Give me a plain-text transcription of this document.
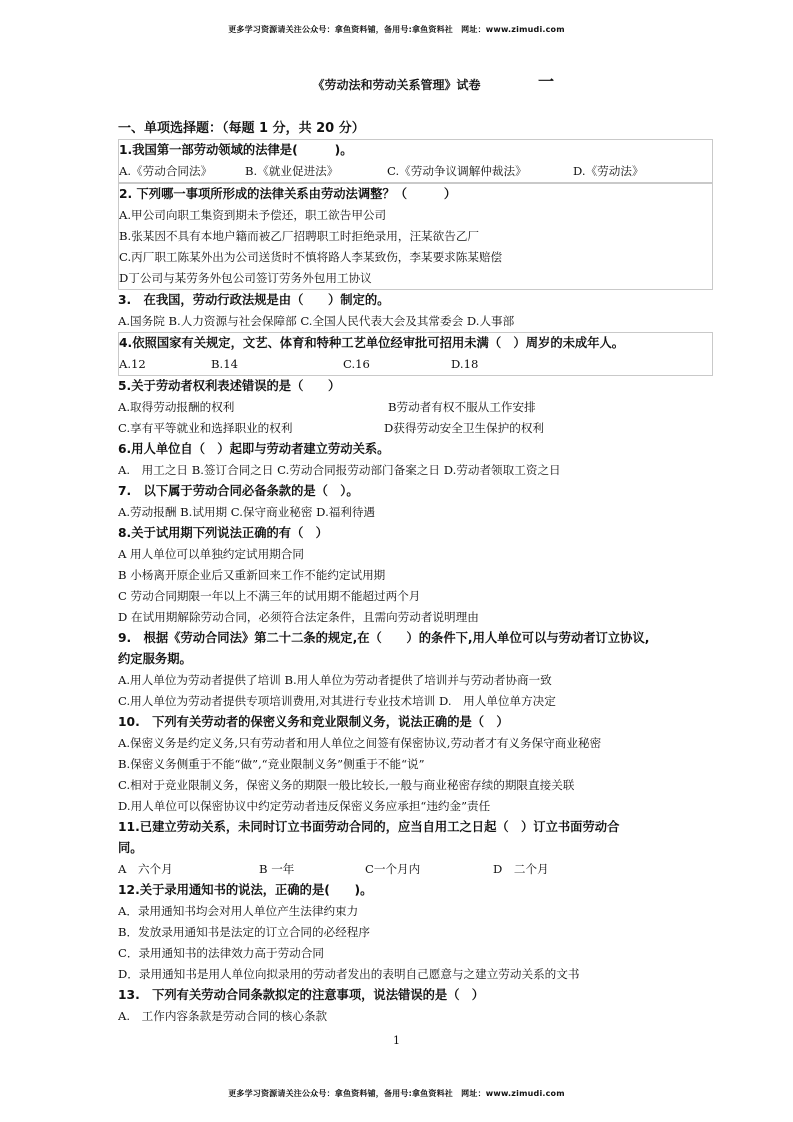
更多学习资源请关注公众号：拿鱼资料铺，备用号:拿鱼资料社　网址：www.zimudi.com
《劳动法和劳动关系管理》试卷	一
一、单项选择题：（每题 1 分，共 20 分）
1.我国第一部劳动领域的法律是(　　　)。
A.《劳动合同法》	B.《就业促进法》	C.《劳动争议调解仲裁法》	D.《劳动法》
2. 下列哪一事项所形成的法律关系由劳动法调整？（　　　）
A.甲公司向职工集资到期未予偿还，职工欲告甲公司
B.张某因不具有本地户籍而被乙厂招聘职工时拒绝录用，汪某欲告乙厂
C.丙厂职工陈某外出为公司送货时不慎将路人李某致伤，李某要求陈某赔偿
D丁公司与某劳务外包公司签订劳务外包用工协议
3.　在我国，劳动行政法规是由（　　）制定的。
A.国务院 B.人力资源与社会保障部 C.全国人民代表大会及其常委会 D.人事部
4.依照国家有关规定，文艺、体育和特种工艺单位经审批可招用未满（　）周岁的未成年人。
A.12	B.14	C.16	D.18
5.关于劳动者权利表述错误的是（　　）
A.取得劳动报酬的权利	B劳动者有权不服从工作安排
C.享有平等就业和选择职业的权利	D获得劳动安全卫生保护的权利
6.用人单位自（　）起即与劳动者建立劳动关系。
A.　用工之日 B.签订合同之日 C.劳动合同报劳动部门备案之日 D.劳动者领取工资之日
7.　以下属于劳动合同必备条款的是（　）。
A.劳动报酬 B.试用期 C.保守商业秘密 D.福利待遇
8.关于试用期下列说法正确的有（　）
A 用人单位可以单独约定试用期合同
B 小杨离开原企业后又重新回来工作不能约定试用期
C 劳动合同期限一年以上不满三年的试用期不能超过两个月
D 在试用期解除劳动合同，必须符合法定条件，且需向劳动者说明理由
9.　根据《劳动合同法》第二十二条的规定,在（　　）的条件下,用人单位可以与劳动者订立协议,
约定服务期。
A.用人单位为劳动者提供了培训 B.用人单位为劳动者提供了培训并与劳动者协商一致
C.用人单位为劳动者提供专项培训费用,对其进行专业技术培训 D.　用人单位单方决定
10.　下列有关劳动者的保密义务和竞业限制义务，说法正确的是（　）
A.保密义务是约定义务,只有劳动者和用人单位之间签有保密协议,劳动者才有义务保守商业秘密
B.保密义务侧重于不能“做”,“竞业限制义务”侧重于不能“说”
C.相对于竞业限制义务，保密义务的期限一般比较长,一般与商业秘密存续的期限直接关联
D.用人单位可以保密协议中约定劳动者违反保密义务应承担“违约金”责任
11.已建立劳动关系，未同时订立书面劳动合同的，应当自用工之日起（　）订立书面劳动合
同。
A　六个月	B 一年	C一个月内	D　二个月
12.关于录用通知书的说法，正确的是(　　)。
A．录用通知书均会对用人单位产生法律约束力
B．发放录用通知书是法定的订立合同的必经程序
C．录用通知书的法律效力高于劳动合同
D．录用通知书是用人单位向拟录用的劳动者发出的表明自己愿意与之建立劳动关系的文书
13.　下列有关劳动合同条款拟定的注意事项，说法错误的是（　）
A.　工作内容条款是劳动合同的核心条款
1
更多学习资源请关注公众号：拿鱼资料铺，备用号:拿鱼资料社　网址：www.zimudi.com
